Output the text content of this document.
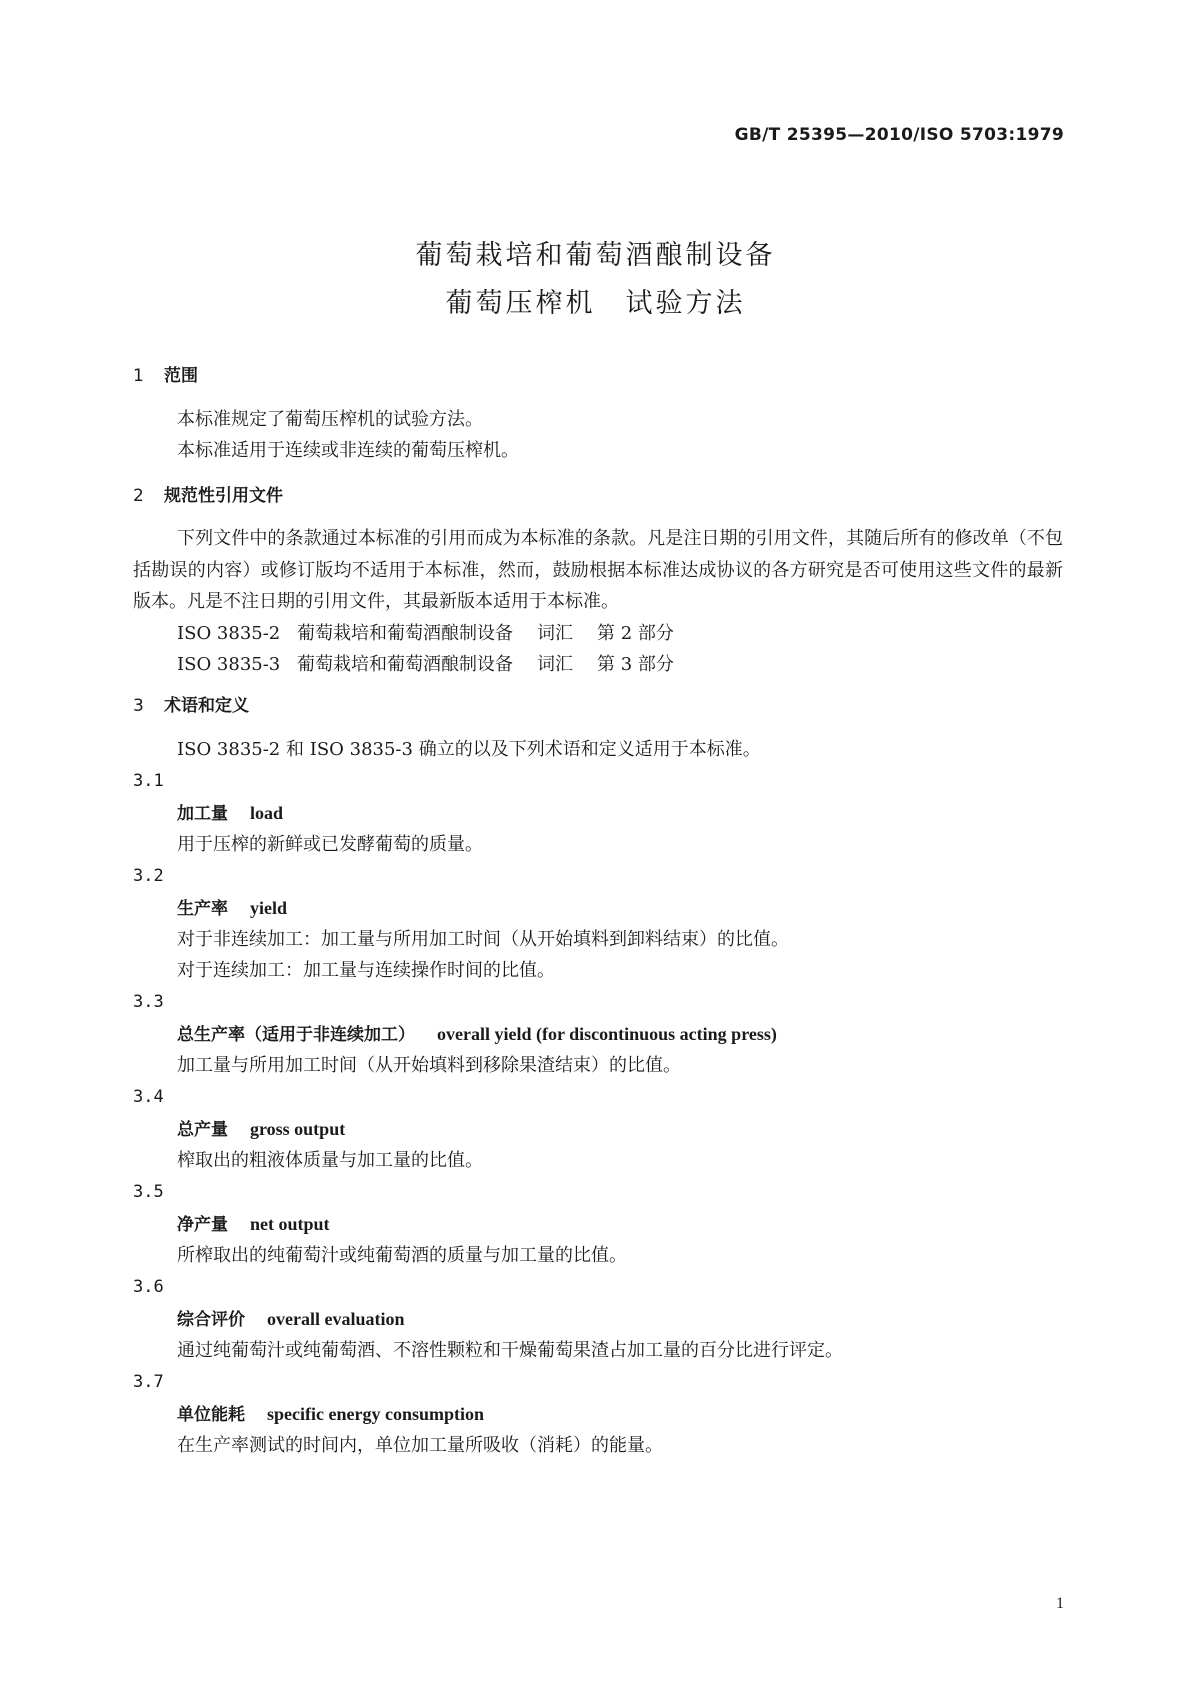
GB/T 25395—2010/ISO 5703:1979
葡萄栽培和葡萄酒酿制设备
葡萄压榨机　试验方法
1 范围
本标准规定了葡萄压榨机的试验方法。
本标准适用于连续或非连续的葡萄压榨机。
2 规范性引用文件
下列文件中的条款通过本标准的引用而成为本标准的条款。凡是注日期的引用文件，其随后所有的修改单（不包括勘误的内容）或修订版均不适用于本标准，然而，鼓励根据本标准达成协议的各方研究是否可使用这些文件的最新版本。凡是不注日期的引用文件，其最新版本适用于本标准。
ISO 3835-2 葡萄栽培和葡萄酒酿制设备 词汇 第 2 部分
ISO 3835-3 葡萄栽培和葡萄酒酿制设备 词汇 第 3 部分
3 术语和定义
ISO 3835-2 和 ISO 3835-3 确立的以及下列术语和定义适用于本标准。
3.1
加工量 load
用于压榨的新鲜或已发酵葡萄的质量。
3.2
生产率 yield
对于非连续加工：加工量与所用加工时间（从开始填料到卸料结束）的比值。
对于连续加工：加工量与连续操作时间的比值。
3.3
总生产率（适用于非连续加工） overall yield (for discontinuous acting press)
加工量与所用加工时间（从开始填料到移除果渣结束）的比值。
3.4
总产量 gross output
榨取出的粗液体质量与加工量的比值。
3.5
净产量 net output
所榨取出的纯葡萄汁或纯葡萄酒的质量与加工量的比值。
3.6
综合评价 overall evaluation
通过纯葡萄汁或纯葡萄酒、不溶性颗粒和干燥葡萄果渣占加工量的百分比进行评定。
3.7
单位能耗 specific energy consumption
在生产率测试的时间内，单位加工量所吸收（消耗）的能量。
1
